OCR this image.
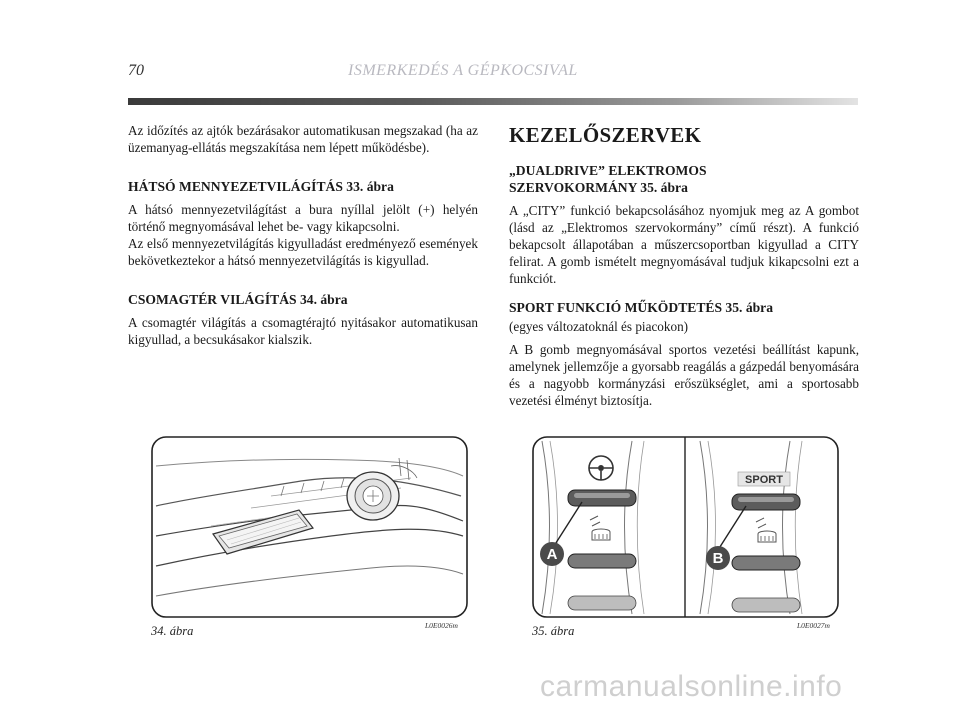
70	ISMERKEDÉS A GÉPKOCSIVAL

Az időzítés az ajtók bezárásakor automatikusan megszakad (ha az üzemanyag-ellátás megszakítása nem lépett működésbe).

HÁTSÓ MENNYEZETVILÁGÍTÁS 33. ábra

A hátsó mennyezetvilágítást a bura nyíllal jelölt (+) helyén történő megnyomásával lehet be- vagy kikapcsolni.

Az első mennyezetvilágítás kigyulladást eredményező események bekövetkeztekor a hátsó mennyezetvilágítás is kigyullad.

CSOMAGTÉR VILÁGÍTÁS 34. ábra

A csomagtér világítás a csomagtérajtó nyitásakor automatikusan kigyullad, a becsukásakor kialszik.

KEZELŐSZERVEK
„DUALDRIVE” ELEKTROMOS
SZERVOKORMÁNY 35. ábra

A „CITY” funkció bekapcsolásához nyomjuk meg az A gombot (lásd az „Elektromos szervokormány” című részt). A funkció bekapcsolt állapotában a műszercsoportban kigyullad a CITY felirat. A gomb ismételt megnyomásával tudjuk kikapcsolni ezt a funkciót.

SPORT FUNKCIÓ MŰKÖDTETÉS 35. ábra

(egyes változatoknál és piacokon)

A B gomb megnyomásával sportos vezetési beállítást kapunk, amelynek jellemzője a gyorsabb reagálás a gázpedál benyomására és a nagyobb kormányzási erőszükséglet, ami a sportosabb vezetési élményt biztosítja.

34. ábra	L0E0026m
SPORT
A	B
35. ábra	L0E0027m
carmanualsonline.info
